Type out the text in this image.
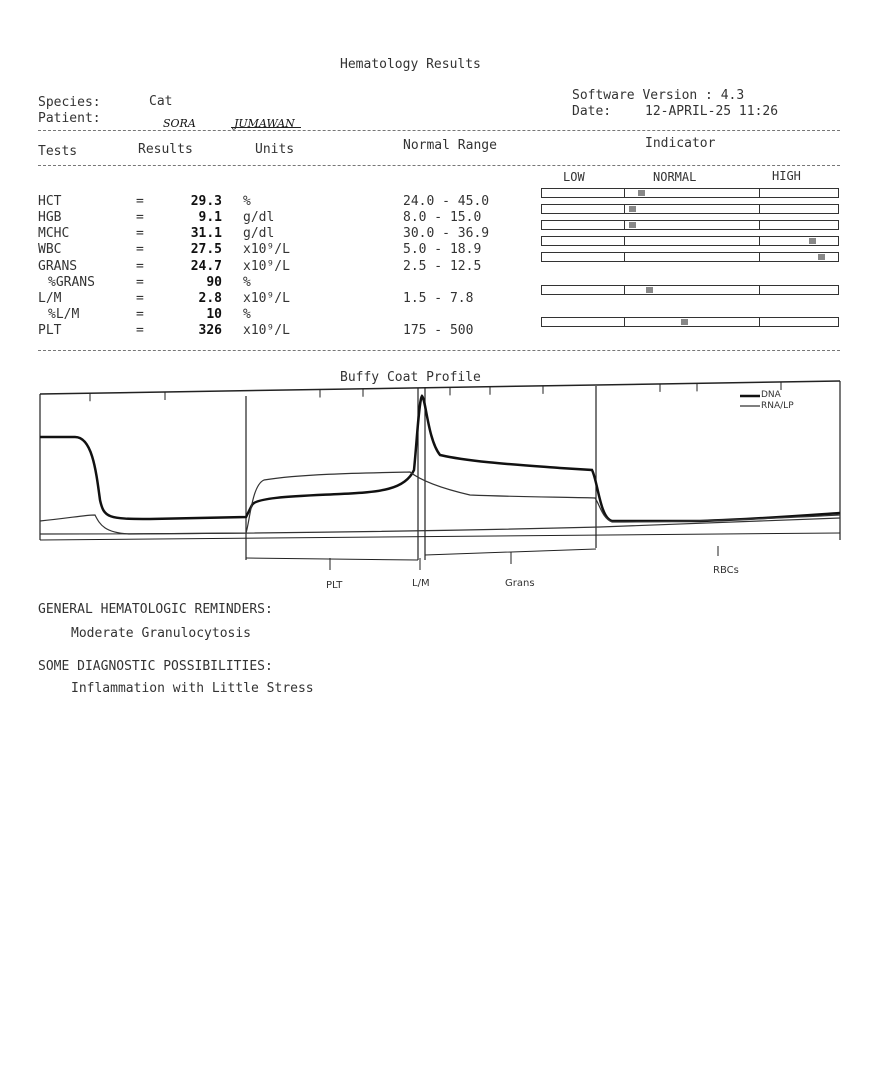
Hematology Results
Species:	Cat
Patient:	SORA	JUMAWAN
Software Version : 4.3
Date:	12-APRIL-25 11:26
Tests	Results	Units	Normal Range	Indicator
LOW	NORMAL	HIGH
HCT	=	29.3 %	24.0 - 45.0
HGB	=	9.1 g/dl	8.0 - 15.0
MCHC	=	31.1 g/dl	30.0 - 36.9
WBC	=	27.5 x10⁹/L	5.0 - 18.9
GRANS	=	24.7 x10⁹/L	2.5 - 12.5
%GRANS	=	90 %
L/M	=	2.8 x10⁹/L	1.5 - 7.8
%L/M	=	10 %
PLT	=	326 x10⁹/L	175 - 500
Buffy Coat Profile
DNA
RNA/LP
PLT	L/M	Grans
RBCs
GENERAL HEMATOLOGIC REMINDERS:
Moderate Granulocytosis
SOME DIAGNOSTIC POSSIBILITIES:
Inflammation with Little Stress
